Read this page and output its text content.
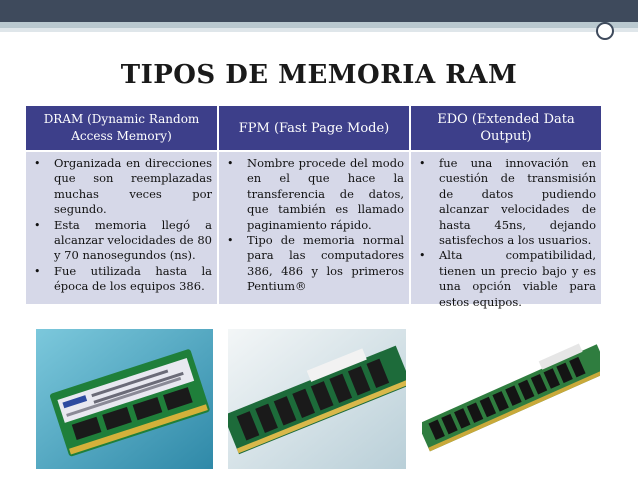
TIPOS DE MEMORIA RAM
DRAM (Dynamic Random Access Memory)
FPM (Fast Page Mode)
EDO (Extended Data Output)
• Organizada en direcciones que son reemplazadas muchas veces por segundo.
• Esta memoria llegó a alcanzar velocidades de 80 y 70 nanosegundos (ns).
• Fue utilizada hasta la época de los equipos 386.
• Nombre procede del modo en el que hace la transferencia de datos, que también es llamado paginamiento rápido.
• Tipo de memoria normal para las computadores 386, 486 y los primeros Pentium®
• fue una innovación en cuestión de transmisión de datos pudiendo alcanzar velocidades de hasta 45ns, dejando satisfechos a los usuarios.
• Alta compatibilidad, tienen un precio bajo y es una opción viable para estos equipos.
